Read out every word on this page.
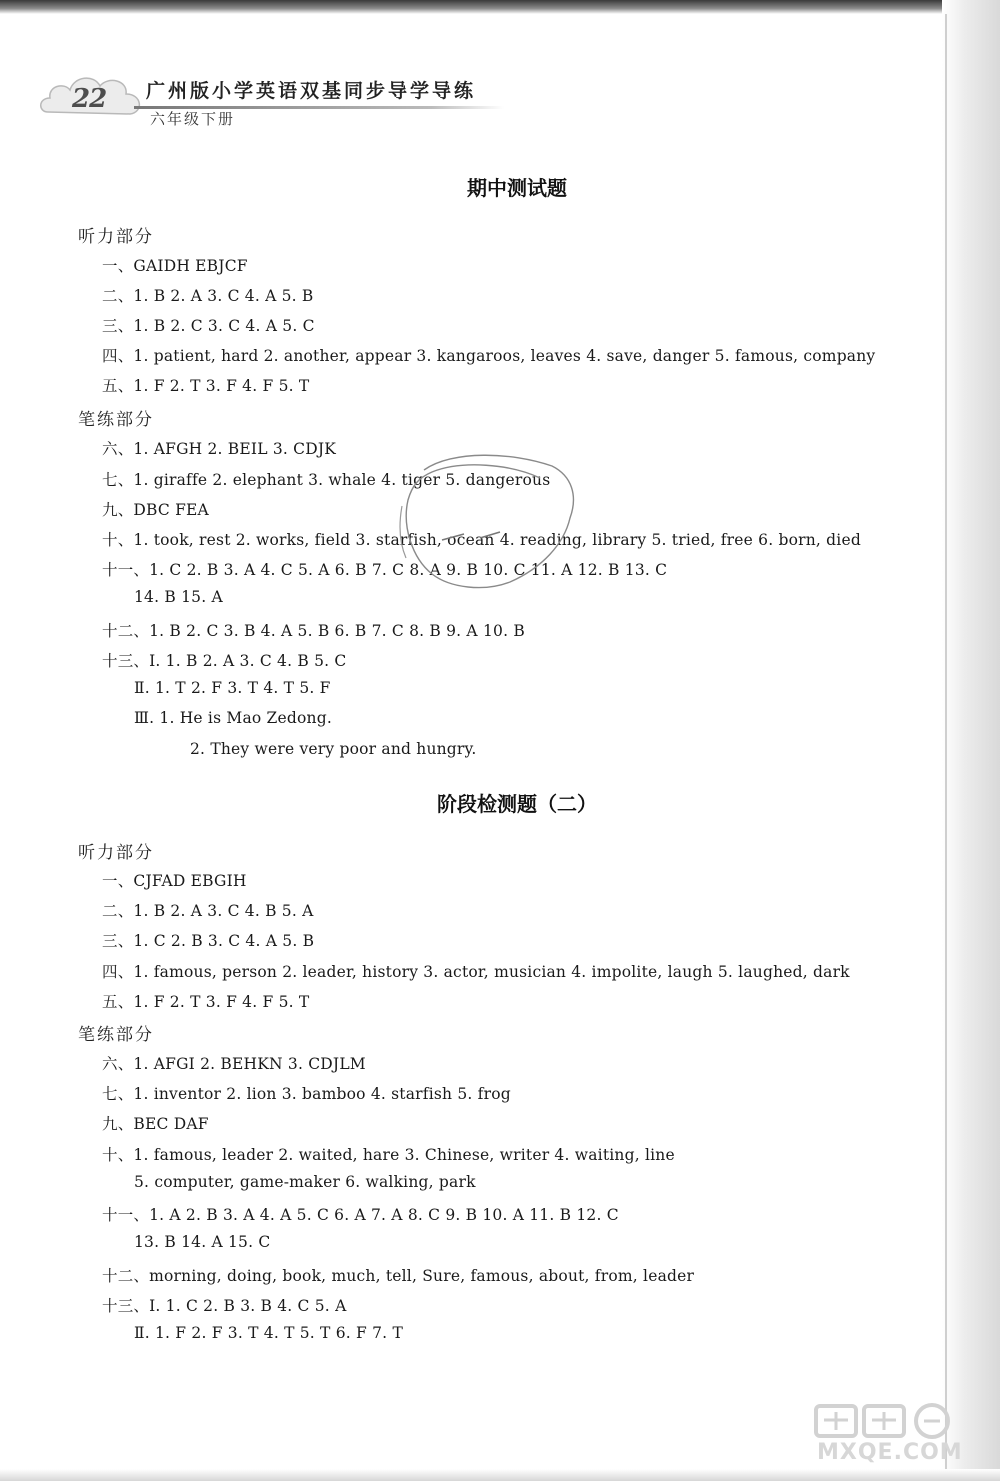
22 广州版小学英语双基同步导学导练
六年级下册
期中测试题
听力部分
一、GAIDH EBJCF
二、1. B 2. A 3. C 4. A 5. B
三、1. B 2. C 3. C 4. A 5. C
四、1. patient, hard 2. another, appear 3. kangaroos, leaves 4. save, danger 5. famous, company
五、1. F 2. T 3. F 4. F 5. T
笔练部分
六、1. AFGH 2. BEIL 3. CDJK
七、1. giraffe 2. elephant 3. whale 4. tiger 5. dangerous
九、DBC FEA
十、1. took, rest 2. works, field 3. starfish, ocean 4. reading, library 5. tried, free 6. born, died
十一、1. C 2. B 3. A 4. C 5. A 6. B 7. C 8. A 9. B 10. C 11. A 12. B 13. C
14. B 15. A
十二、1. B 2. C 3. B 4. A 5. B 6. B 7. C 8. B 9. A 10. B
十三、Ⅰ. 1. B 2. A 3. C 4. B 5. C
Ⅱ. 1. T 2. F 3. T 4. T 5. F
Ⅲ. 1. He is Mao Zedong.
2. They were very poor and hungry.
阶段检测题（二）
听力部分
一、CJFAD EBGIH
二、1. B 2. A 3. C 4. B 5. A
三、1. C 2. B 3. C 4. A 5. B
四、1. famous, person 2. leader, history 3. actor, musician 4. impolite, laugh 5. laughed, dark
五、1. F 2. T 3. F 4. F 5. T
笔练部分
六、1. AFGI 2. BEHKN 3. CDJLM
七、1. inventor 2. lion 3. bamboo 4. starfish 5. frog
九、BEC DAF
十、1. famous, leader 2. waited, hare 3. Chinese, writer 4. waiting, line
5. computer, game-maker 6. walking, park
十一、1. A 2. B 3. A 4. A 5. C 6. A 7. A 8. C 9. B 10. A 11. B 12. C
13. B 14. A 15. C
十二、morning, doing, book, much, tell, Sure, famous, about, from, leader
十三、Ⅰ. 1. C 2. B 3. B 4. C 5. A
Ⅱ. 1. F 2. F 3. T 4. T 5. T 6. F 7. T
MXQE.COM
